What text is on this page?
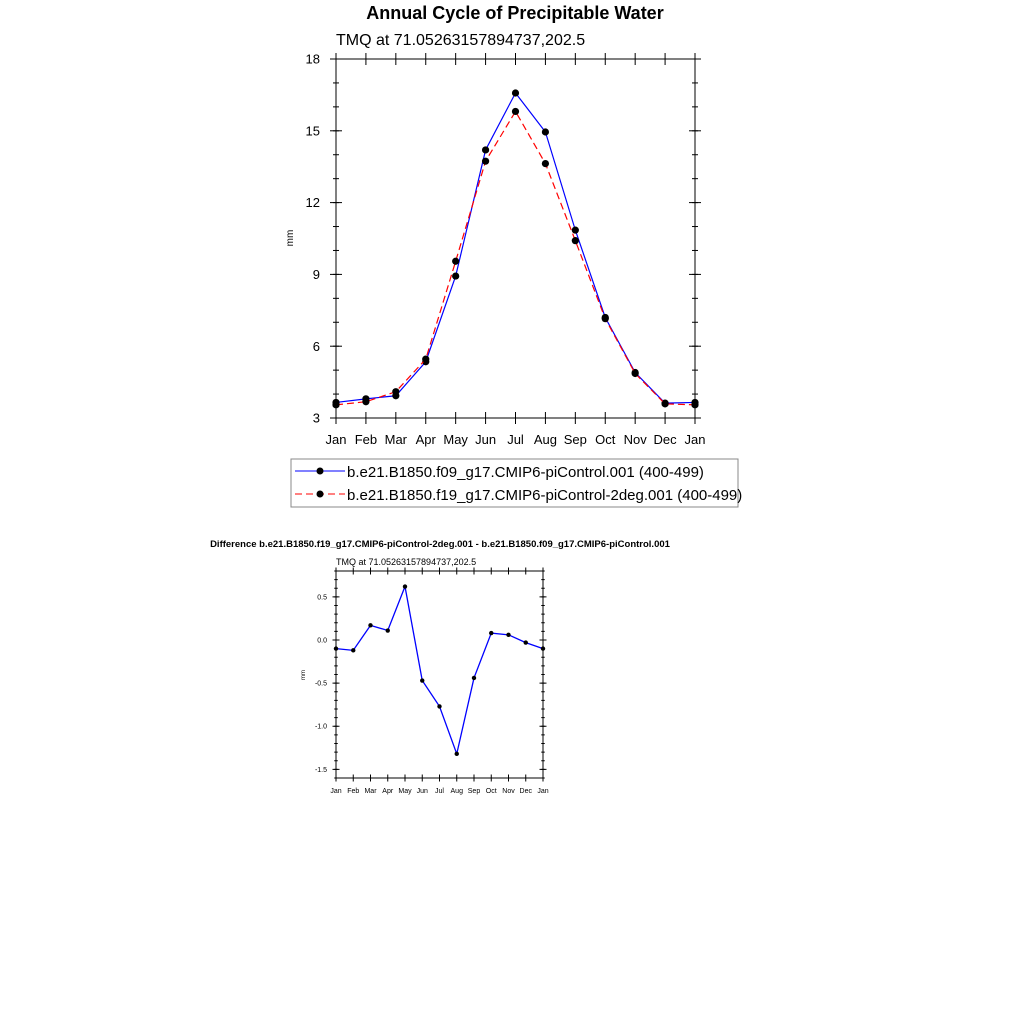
Annual Cycle of Precipitable Water
TMQ at 71.05263157894737,202.5
mm
Jan Feb Mar Apr May Jun Jul Aug Sep Oct Nov Dec Jan
3
6
9
12
15
18
b.e21.B1850.f09_g17.CMIP6-piControl.001 (400-499)
b.e21.B1850.f19_g17.CMIP6-piControl-2deg.001 (400-499)
Difference b.e21.B1850.f19_g17.CMIP6-piControl-2deg.001 - b.e21.B1850.f09_g17.CMIP6-piControl.001
TMQ at 71.05263157894737,202.5
mm
Jan Feb Mar Apr May Jun Jul Aug Sep Oct Nov Dec Jan
-1.5
-1.0
-0.5
0.0
0.5
